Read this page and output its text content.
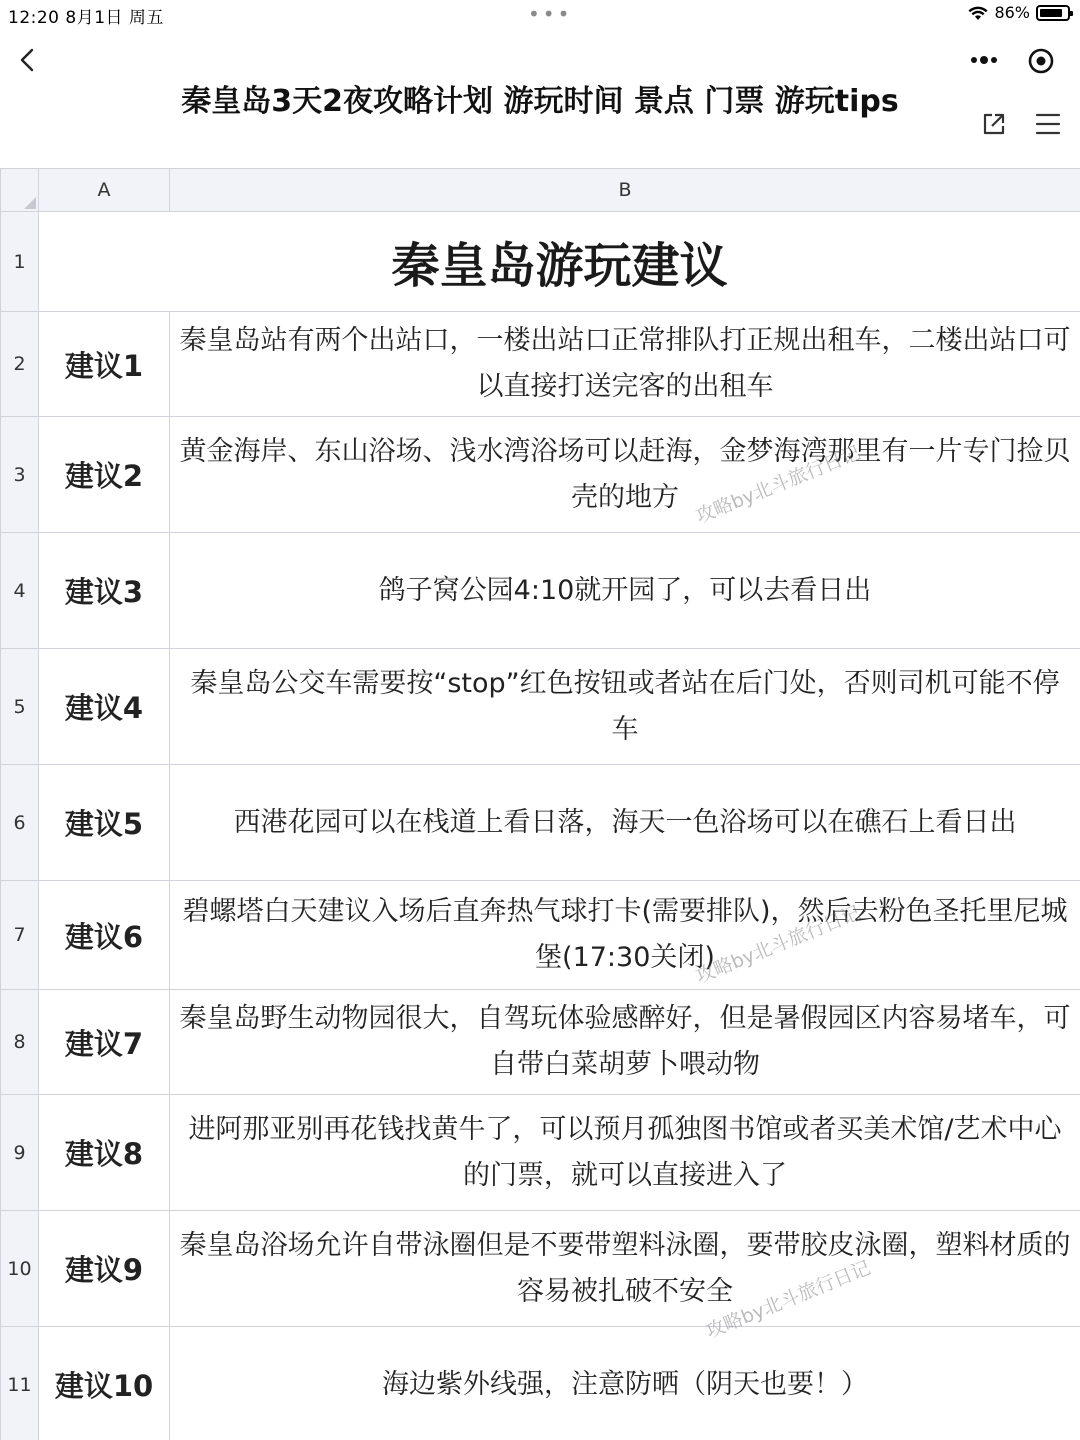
12:20 8月1日 周五	•••	86%
秦皇岛3天2夜攻略计划 游玩时间 景点 门票 游玩tips
	A	B
1	秦皇岛游玩建议	
2	建议1	秦皇岛站有两个出站口，一楼出站口正常排队打正规出租车，二楼出站口可以直接打送完客的出租车
3	建议2	黄金海岸、东山浴场、浅水湾浴场可以赶海，金梦海湾那里有一片专门捡贝壳的地方
4	建议3	鸽子窝公园4:10就开园了，可以去看日出
5	建议4	秦皇岛公交车需要按“stop”红色按钮或者站在后门处，否则司机可能不停车
6	建议5	西港花园可以在栈道上看日落，海天一色浴场可以在礁石上看日出
7	建议6	碧螺塔白天建议入场后直奔热气球打卡(需要排队)，然后去粉色圣托里尼城堡(17:30关闭)
8	建议7	秦皇岛野生动物园很大，自驾玩体验感醉好，但是暑假园区内容易堵车，可自带白菜胡萝卜喂动物
9	建议8	进阿那亚别再花钱找黄牛了，可以预月孤独图书馆或者买美术馆/艺术中心的门票，就可以直接进入了
10	建议9	秦皇岛浴场允许自带泳圈但是不要带塑料泳圈，要带胶皮泳圈，塑料材质的容易被扎破不安全
11	建议10	海边紫外线强，注意防晒（阴天也要！）
攻略by北斗旅行日记
攻略by北斗旅行日记
攻略by北斗旅行日记
